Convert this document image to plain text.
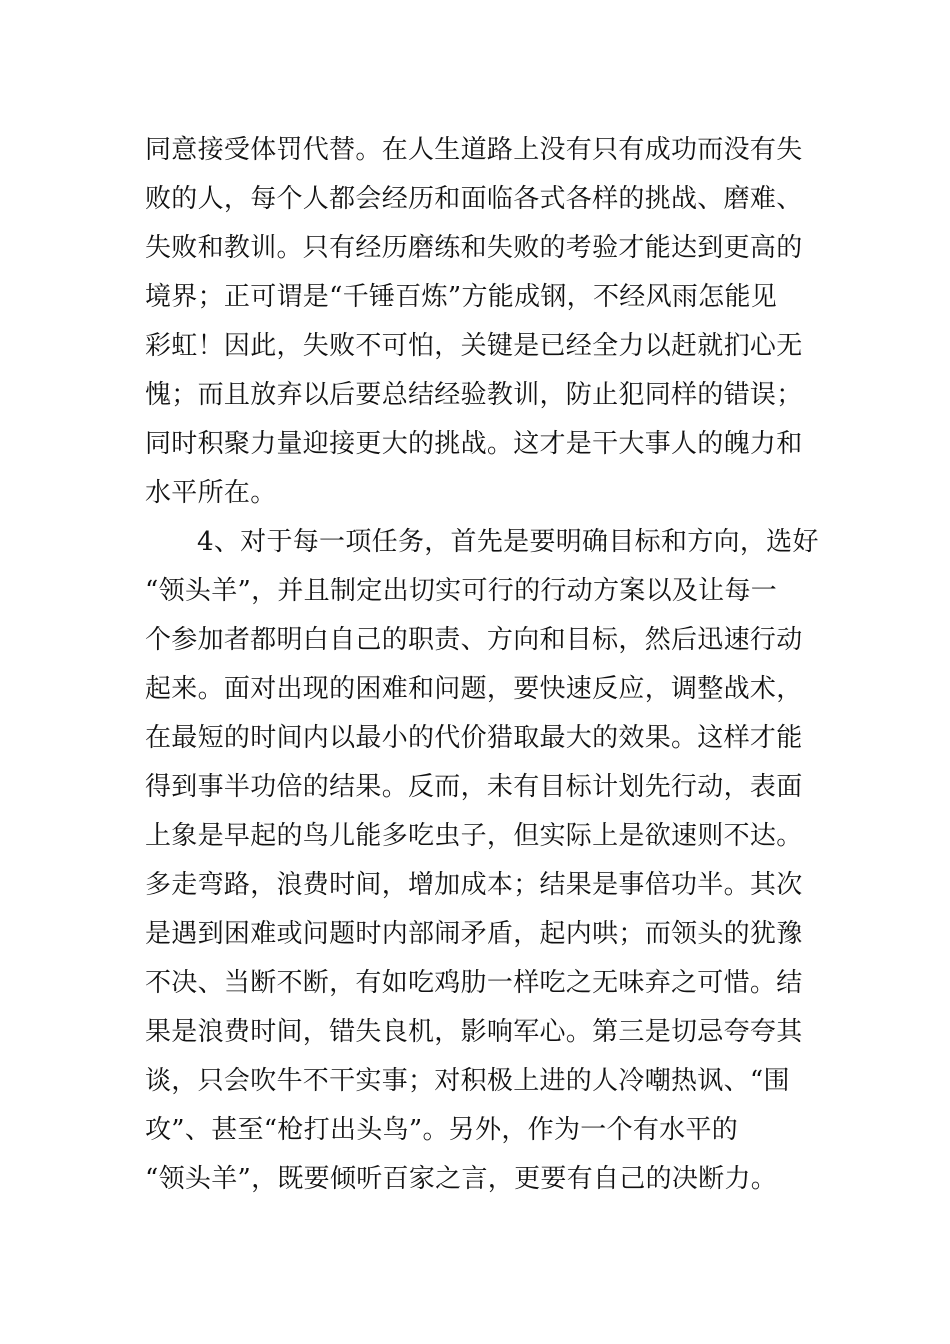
同意接受体罚代替。在人生道路上没有只有成功而没有失
败的人，每个人都会经历和面临各式各样的挑战、磨难、
失败和教训。只有经历磨练和失败的考验才能达到更高的
境界；正可谓是“千锤百炼”方能成钢，不经风雨怎能见
彩虹！因此，失败不可怕，关键是已经全力以赶就扪心无
愧；而且放弃以后要总结经验教训，防止犯同样的错误；
同时积聚力量迎接更大的挑战。这才是干大事人的魄力和
水平所在。
4、对于每一项任务，首先是要明确目标和方向，选好
“领头羊”，并且制定出切实可行的行动方案以及让每一
个参加者都明白自己的职责、方向和目标，然后迅速行动
起来。面对出现的困难和问题，要快速反应，调整战术，
在最短的时间内以最小的代价猎取最大的效果。这样才能
得到事半功倍的结果。反而，未有目标计划先行动，表面
上象是早起的鸟儿能多吃虫子，但实际上是欲速则不达。
多走弯路，浪费时间，增加成本；结果是事倍功半。其次
是遇到困难或问题时内部闹矛盾，起内哄；而领头的犹豫
不决、当断不断，有如吃鸡肋一样吃之无味弃之可惜。结
果是浪费时间，错失良机，影响军心。第三是切忌夸夸其
谈，只会吹牛不干实事；对积极上进的人冷嘲热讽、“围
攻”、甚至“枪打出头鸟”。另外，作为一个有水平的
“领头羊”，既要倾听百家之言，更要有自己的决断力。
